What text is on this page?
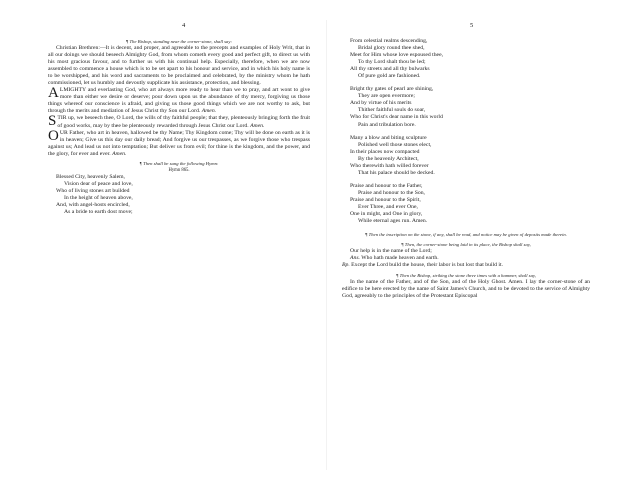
4	5

¶ The Bishop, standing near the corner-stone, shall say:

Christian Brethren:—It is decent, and proper, and agreeable to the precepts and examples of Holy Writ, that in all our doings we should beseech Almighty God, from whom cometh every good and perfect gift, to direct us with his most gracious favour, and to further us with his continual help. Especially, therefore, when we are now assembled to commence a house which is to be set apart to his honour and service, and in which his holy name is to be worshipped, and his word and sacraments to be proclaimed and celebrated, by the ministry whom he hath commissioned, let us humbly and devoutly supplicate his assistance, protection, and blessing.

ALMIGHTY and everlasting God, who art always more ready to hear than we to pray, and art wont to give more than either we desire or deserve; pour down upon us the abundance of thy mercy, forgiving us those things whereof our conscience is afraid, and giving us those good things which we are not worthy to ask, but through the merits and mediation of Jesus Christ thy Son our Lord. Amen.

STIR up, we beseech thee, O Lord, the wills of thy faithful people; that they, plenteously bringing forth the fruit of good works, may by thee be plenteously rewarded through Jesus Christ our Lord. Amen.

OUR Father, who art in heaven, hallowed be thy Name; Thy Kingdom come; Thy will be done on earth as it is in heaven; Give us this day our daily bread; And forgive us our trespasses, as we forgive those who trespass against us; And lead us not into temptation; But deliver us from evil; for thine is the kingdom, and the power, and the glory, for ever and ever. Amen.

¶ Then shall be sung the following Hymn:

Hymn 865.

Blessed City, heavenly Salem,
Vision dear of peace and love,
Who of living stones art builded
In the height of heaven above,
And, with angel-hosts encircled,
As a bride to earth dost move;
From celestial realms descending,
Bridal glory round thee shed,
Meet for Him whose love espoused thee,
To thy Lord shalt thou be led;
All thy streets and all thy bulwarks
Of pure gold are fashioned.
Bright thy gates of pearl are shining,
They are open evermore;
And by virtue of his merits
Thither faithful souls do soar,
Who for Christ's dear name in this world
Pain and tribulation bore.
Many a blow and biting sculpture
Polished well those stones elect,
In their places now compacted
By the heavenly Architect,
Who therewith hath willed forever
That his palace should be decked.
Praise and honour to the Father,
Praise and honour to the Son,
Praise and honour to the Spirit,
Ever Three, and ever One,
One in might, and One in glory,
While eternal ages run. Amen.

¶ Then the inscription on the stone, if any, shall be read, and notice may be given of deposits made therein.

¶ Then, the corner-stone being laid in its place, the Bishop shall say,

Our help is in the name of the Lord;

Ans. Who hath made heaven and earth.

Bp. Except the Lord build the house, their labor is but lost that build it.

¶ Then the Bishop, striking the stone three times with a hammer, shall say,

In the name of the Father, and of the Son, and of the Holy Ghost. Amen. I lay the corner-stone of an edifice to be here erected by the name of Saint James's Church, and to be devoted to the service of Almighty God, agreeably to the principles of the Protestant Episcopal
